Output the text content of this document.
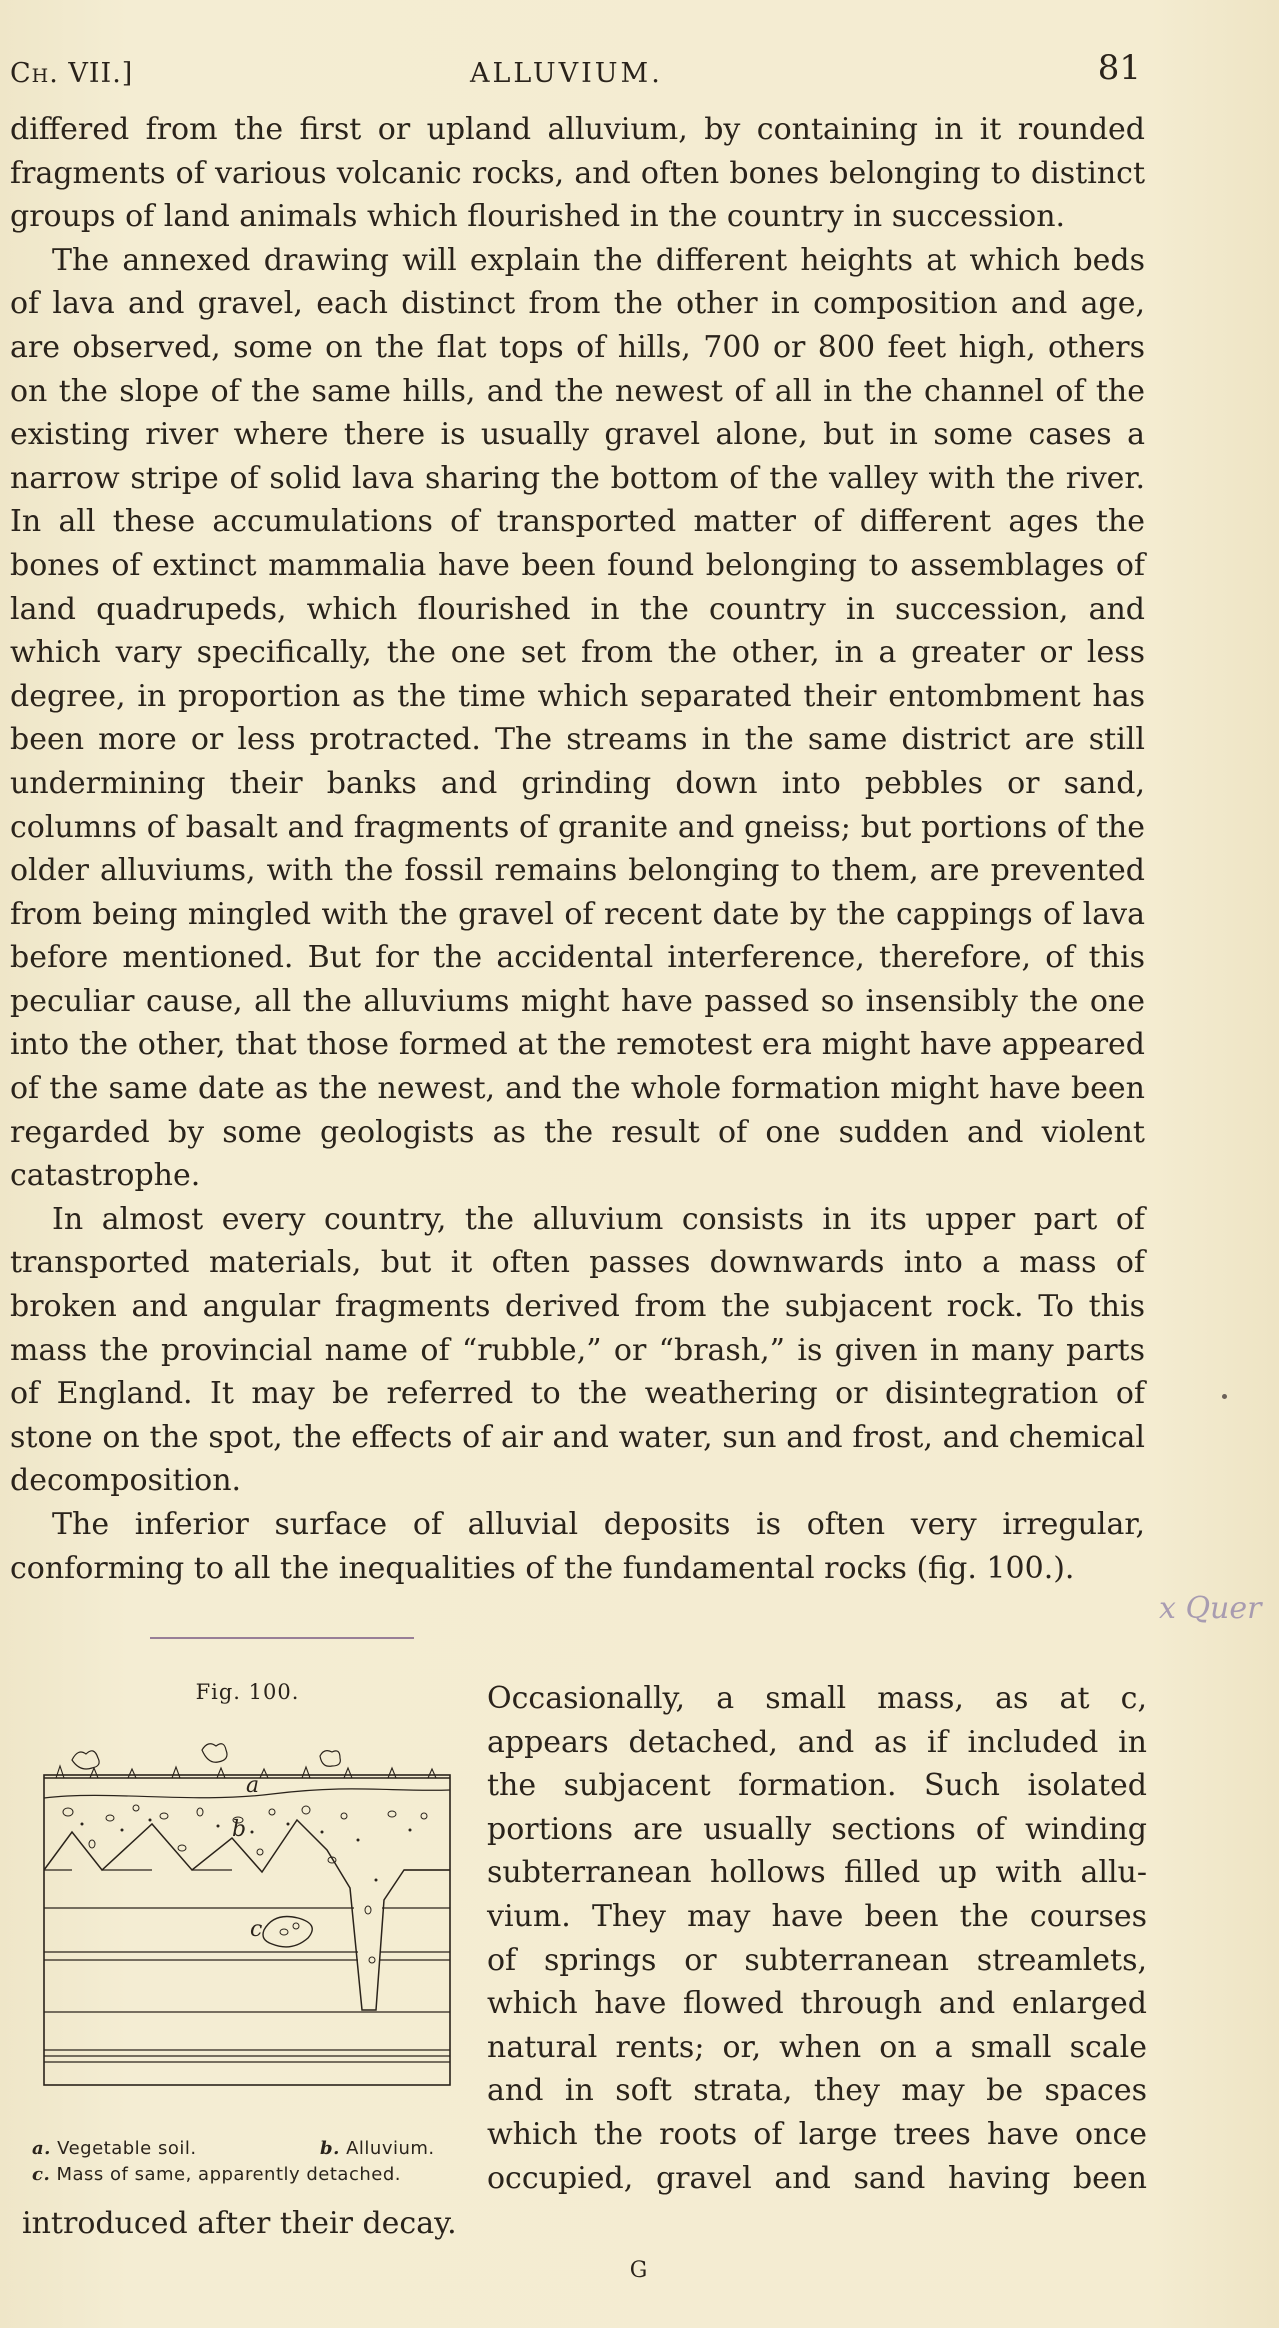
Ch. VII.]	ALLUVIUM.	81

differed from the first or upland alluvium, by containing in it rounded fragments of various volcanic rocks, and often bones belonging to distinct groups of land animals which flourished in the country in succession.

The annexed drawing will explain the different heights at which beds of lava and gravel, each distinct from the other in composition and age, are observed, some on the flat tops of hills, 700 or 800 feet high, others on the slope of the same hills, and the newest of all in the channel of the existing river where there is usually gravel alone, but in some cases a narrow stripe of solid lava sharing the bottom of the valley with the river. In all these accumulations of transported matter of different ages the bones of extinct mammalia have been found belonging to assemblages of land quadrupeds, which flourished in the country in succession, and which vary specifically, the one set from the other, in a greater or less degree, in proportion as the time which separated their entombment has been more or less protracted. The streams in the same district are still undermining their banks and grinding down into pebbles or sand, columns of basalt and fragments of granite and gneiss; but portions of the older alluviums, with the fossil remains belonging to them, are prevented from being mingled with the gravel of recent date by the cappings of lava before mentioned. But for the accidental interference, therefore, of this peculiar cause, all the alluviums might have passed so insensibly the one into the other, that those formed at the remotest era might have appeared of the same date as the newest, and the whole formation might have been regarded by some geologists as the result of one sudden and violent catastrophe.

In almost every country, the alluvium consists in its upper part of transported materials, but it often passes downwards into a mass of broken and angular fragments derived from the subjacent rock. To this mass the provincial name of “rubble,” or “brash,” is given in many parts of England. It may be referred to the weathering or disintegration of stone on the spot, the effects of air and water, sun and frost, and chemical decomposition.

The inferior surface of alluvial deposits is often very irregular, conforming to all the inequalities of the fundamental rocks (fig. 100.).

Fig. 100.
a
b
c
a. Vegetable soil.	b. Alluvium.
c. Mass of same, apparently detached.
Occasionally, a small mass, as at c,
appears detached, and as if included in
the subjacent formation. Such isolated
portions are usually sections of winding
subterranean hollows filled up with allu-
vium. They may have been the courses
of springs or subterranean streamlets,
which have flowed through and enlarged
natural rents; or, when on a small scale
and in soft strata, they may be spaces
which the roots of large trees have once
occupied, gravel and sand having been
introduced after their decay.
G
x Quer
